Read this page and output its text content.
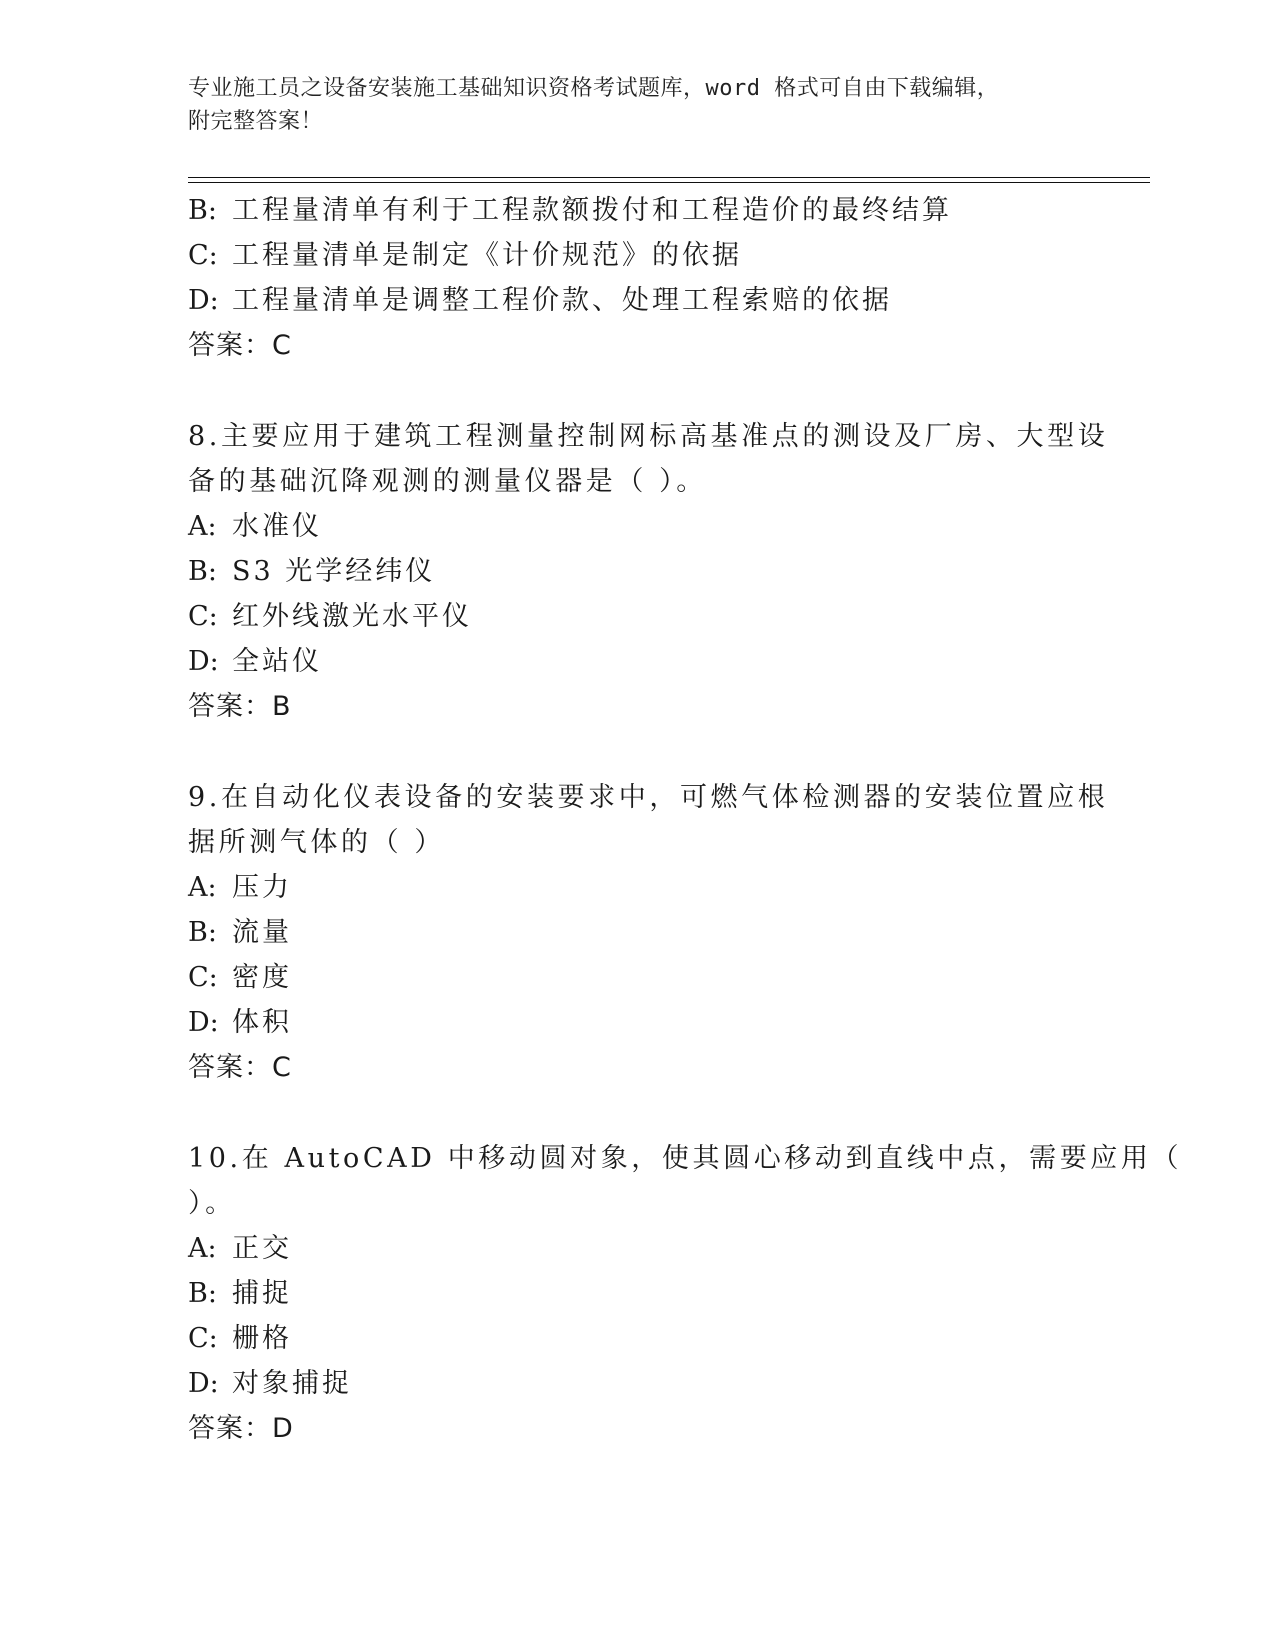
专业施工员之设备安装施工基础知识资格考试题库，word 格式可自由下载编辑，
附完整答案！
B: 工程量清单有利于工程款额拨付和工程造价的最终结算
C: 工程量清单是制定《计价规范》的依据
D: 工程量清单是调整工程价款、处理工程索赔的依据
答案：C
8.主要应用于建筑工程测量控制网标高基准点的测设及厂房、大型设
备的基础沉降观测的测量仪器是（ ）。
A: 水准仪
B: S3 光学经纬仪
C: 红外线激光水平仪
D: 全站仪
答案：B
9.在自动化仪表设备的安装要求中，可燃气体检测器的安装位置应根
据所测气体的（ ）
A: 压力
B: 流量
C: 密度
D: 体积
答案：C
10.在 AutoCAD 中移动圆对象，使其圆心移动到直线中点，需要应用（
）。
A: 正交
B: 捕捉
C: 栅格
D: 对象捕捉
答案：D
